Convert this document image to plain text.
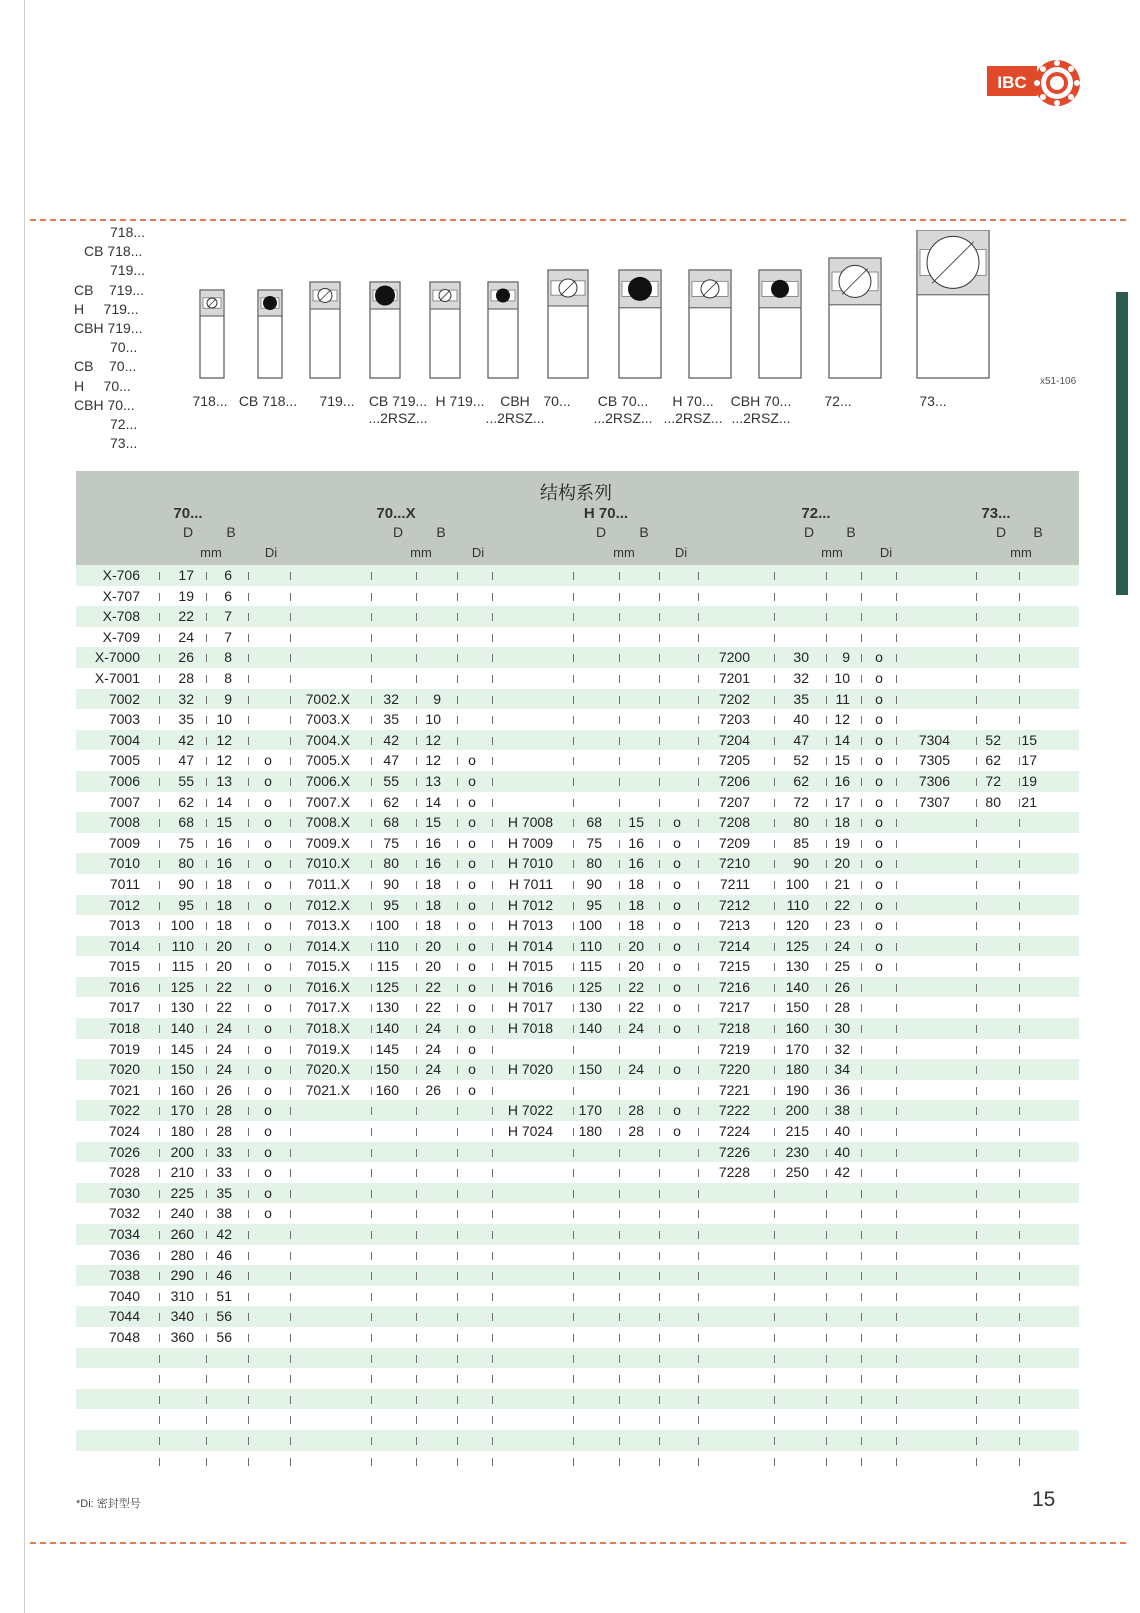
IBC
718...
CB 718...
719...
CB    719...
H     719...
CBH 719...
70...
CB    70...
H     70...
CBH 70...
72...
73...
718... CB 718...	719...	CB 719...
...2RSZ...
H 719...	CBH
...2RSZ...
70...	CB 70...
...2RSZ...
H 70...
...2RSZ...
CBH 70...
...2RSZ...
72...	73...
x51-106
结构系列
70...	70...X	H 70...	72...	73...
D B
mm	Di
D B
mm	Di
D B
mm	Di
D B
mm	Di
D B
mm
X-706	17 6
X-707	19 6
X-708	22 7
X-709	24 7
X-7000	26 8	7200	30 9 o
X-7001	28 8	7201	32 10 o
7002	32 9	7002.X 32 9	7202	35 11 o
7003	35 10	7003.X 35 10	7203	40 12 o
7004	42 12	7004.X 42 12	7204	47 14 o	7304	52 15
7005	47 12 o 7005.X 47 12 o	7205	52 15 o	7305	62 17
7006	55 13 o 7006.X 55 13 o	7206	62 16 o	7306	72 19
7007	62 14 o 7007.X 62 14 o	7207	72 17 o	7307	80 21
7008	68 15 o 7008.X 68 15 o H 7008 68 15 o	7208	80 18 o
7009	75 16 o 7009.X 75 16 o H 7009 75 16 o	7209	85 19 o
7010	80 16 o 7010.X 80 16 o H 7010 80 16 o	7210	90 20 o
7011	90 18 o 7011.X 90 18 o H 7011 90 18 o	7211	100 21 o
7012	95 18 o 7012.X 95 18 o H 7012 95 18 o	7212	110 22 o
7013 100 18 o 7013.X 100 18 o H 7013 100 18 o	7213	120 23 o
7014 110 20 o 7014.X 110 20 o H 7014 110 20 o	7214	125 24 o
7015 115 20 o 7015.X 115 20 o H 7015 115 20 o	7215	130 25 o
7016 125 22 o 7016.X 125 22 o H 7016 125 22 o	7216	140 26
7017 130 22 o 7017.X 130 22 o H 7017 130 22 o	7217	150 28
7018 140 24 o 7018.X 140 24 o H 7018 140 24 o	7218	160 30
7019 145 24 o 7019.X 145 24 o	7219	170 32
7020 150 24 o 7020.X 150 24 o H 7020 150 24 o	7220	180 34
7021 160 26 o 7021.X 160 26 o	7221	190 36
7022 170 28 o	H 7022 170 28 o	7222	200 38
7024 180 28 o	H 7024 180 28 o	7224	215 40
7026 200 33 o	7226	230 40
7028 210 33 o	7228	250 42
7030 225 35 o
7032 240 38 o
7034 260 42
7036 280 46
7038 290 46
7040 310 51
7044 340 56
7048 360 56
*Di: 密封型号	15
